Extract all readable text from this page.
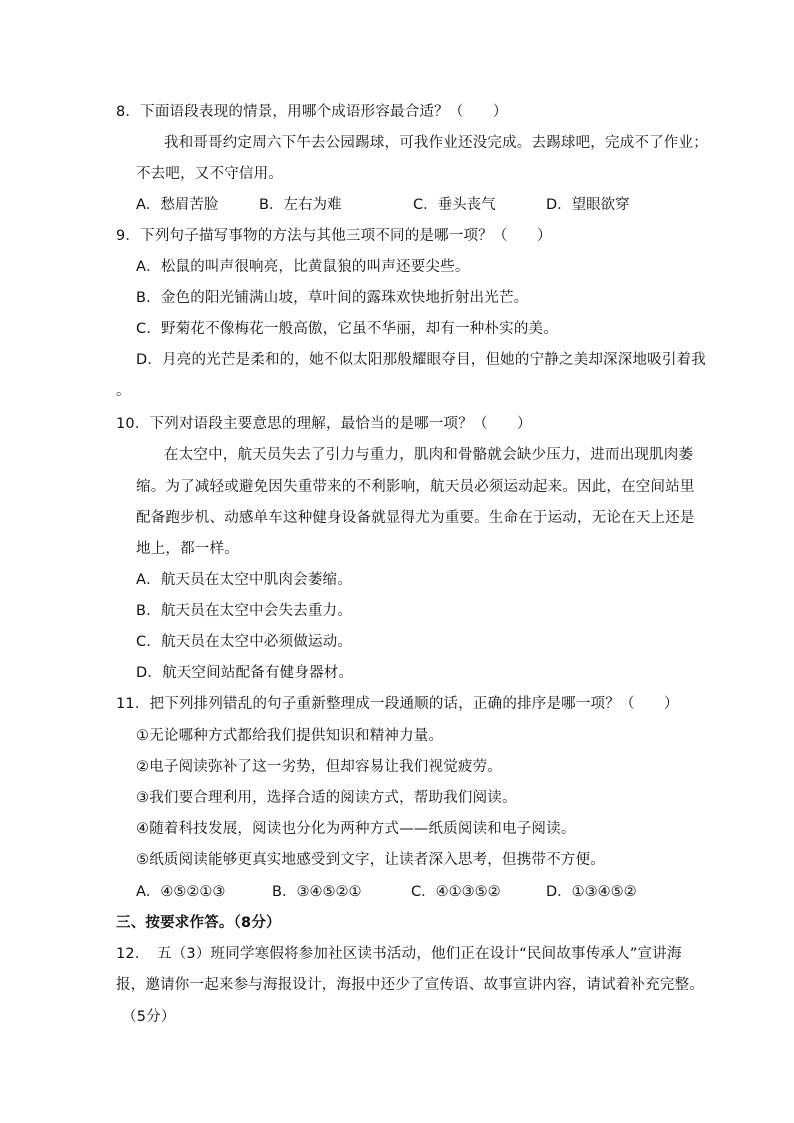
8．下面语段表现的情景，用哪个成语形容最合适？（　　）

我和哥哥约定周六下午去公园踢球，可我作业还没完成。去踢球吧，完成不了作业；

不去吧，又不守信用。

A．愁眉苦脸	B．左右为难	C．垂头丧气	D．望眼欲穿

9．下列句子描写事物的方法与其他三项不同的是哪一项？（　　）

A．松鼠的叫声很响亮，比黄鼠狼的叫声还要尖些。

B．金色的阳光铺满山坡，草叶间的露珠欢快地折射出光芒。

C．野菊花不像梅花一般高傲，它虽不华丽，却有一种朴实的美。

D．月亮的光芒是柔和的，她不似太阳那般耀眼夺目，但她的宁静之美却深深地吸引着我

。

10．下列对语段主要意思的理解，最恰当的是哪一项？（　　）

在太空中，航天员失去了引力与重力，肌肉和骨骼就会缺少压力，进而出现肌肉萎

缩。为了减轻或避免因失重带来的不利影响，航天员必须运动起来。因此，在空间站里

配备跑步机、动感单车这种健身设备就显得尤为重要。生命在于运动，无论在天上还是

地上，都一样。

A．航天员在太空中肌肉会萎缩。

B．航天员在太空中会失去重力。

C．航天员在太空中必须做运动。

D．航天空间站配备有健身器材。

11．把下列排列错乱的句子重新整理成一段通顺的话，正确的排序是哪一项？（　　）

①无论哪种方式都给我们提供知识和精神力量。

②电子阅读弥补了这一劣势，但却容易让我们视觉疲劳。

③我们要合理利用，选择合适的阅读方式，帮助我们阅读。

④随着科技发展，阅读也分化为两种方式——纸质阅读和电子阅读。

⑤纸质阅读能够更真实地感受到文字，让读者深入思考，但携带不方便。

A．④⑤②①③	B．③④⑤②①	C．④①③⑤②	D．①③④⑤②

三、按要求作答。（8分）

12．　五（3）班同学寒假将参加社区读书活动，他们正在设计“民间故事传承人”宣讲海

报，邀请你一起来参与海报设计，海报中还少了宣传语、故事宣讲内容，请试着补充完整。

（5分）
